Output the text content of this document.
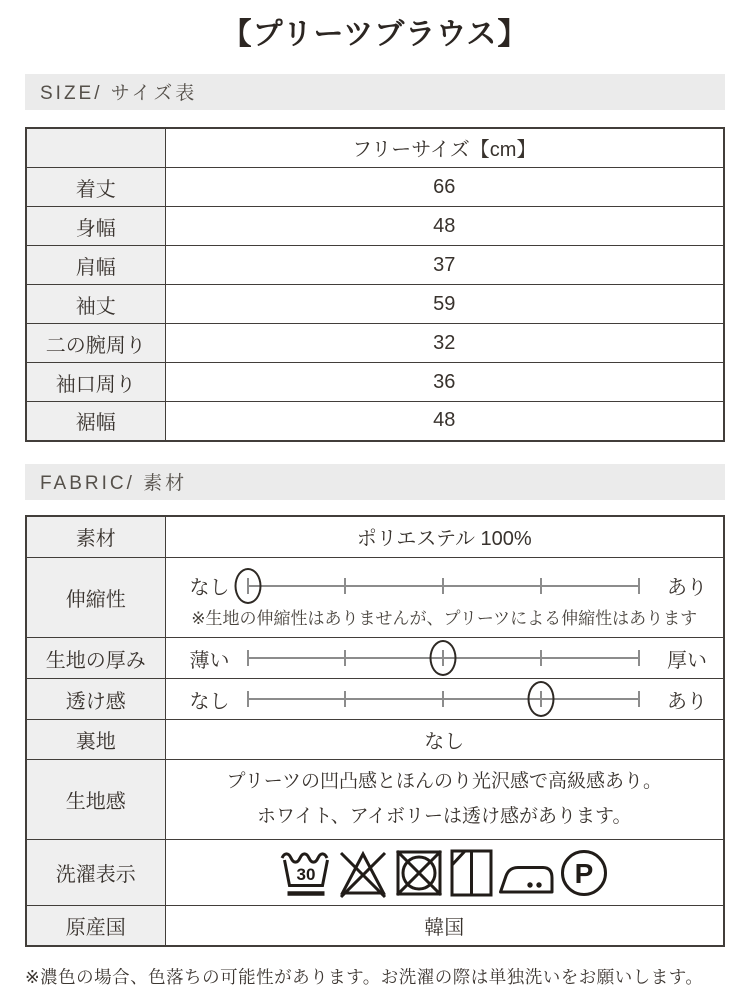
【プリーツブラウス】
SIZE/ サイズ表
	フリーサイズ【cm】
着丈	66
身幅	48
肩幅	37
袖丈	59
二の腕周り	32
袖口周り	36
裾幅	48
FABRIC/ 素材
素材	ポリエステル 100%
伸縮性	なし あり
※生地の伸縮性はありませんが、プリーツによる伸縮性はあります

生地の厚み	薄い 厚い

透け感	なし あり

裏地	なし
生地感	プリーツの凹凸感とほんのり光沢感で高級感あり。
ホワイト、アイボリーは透け感があります。

洗濯表示	30 P

原産国	韓国
※濃色の場合、色落ちの可能性があります。お洗濯の際は単独洗いをお願いします。
